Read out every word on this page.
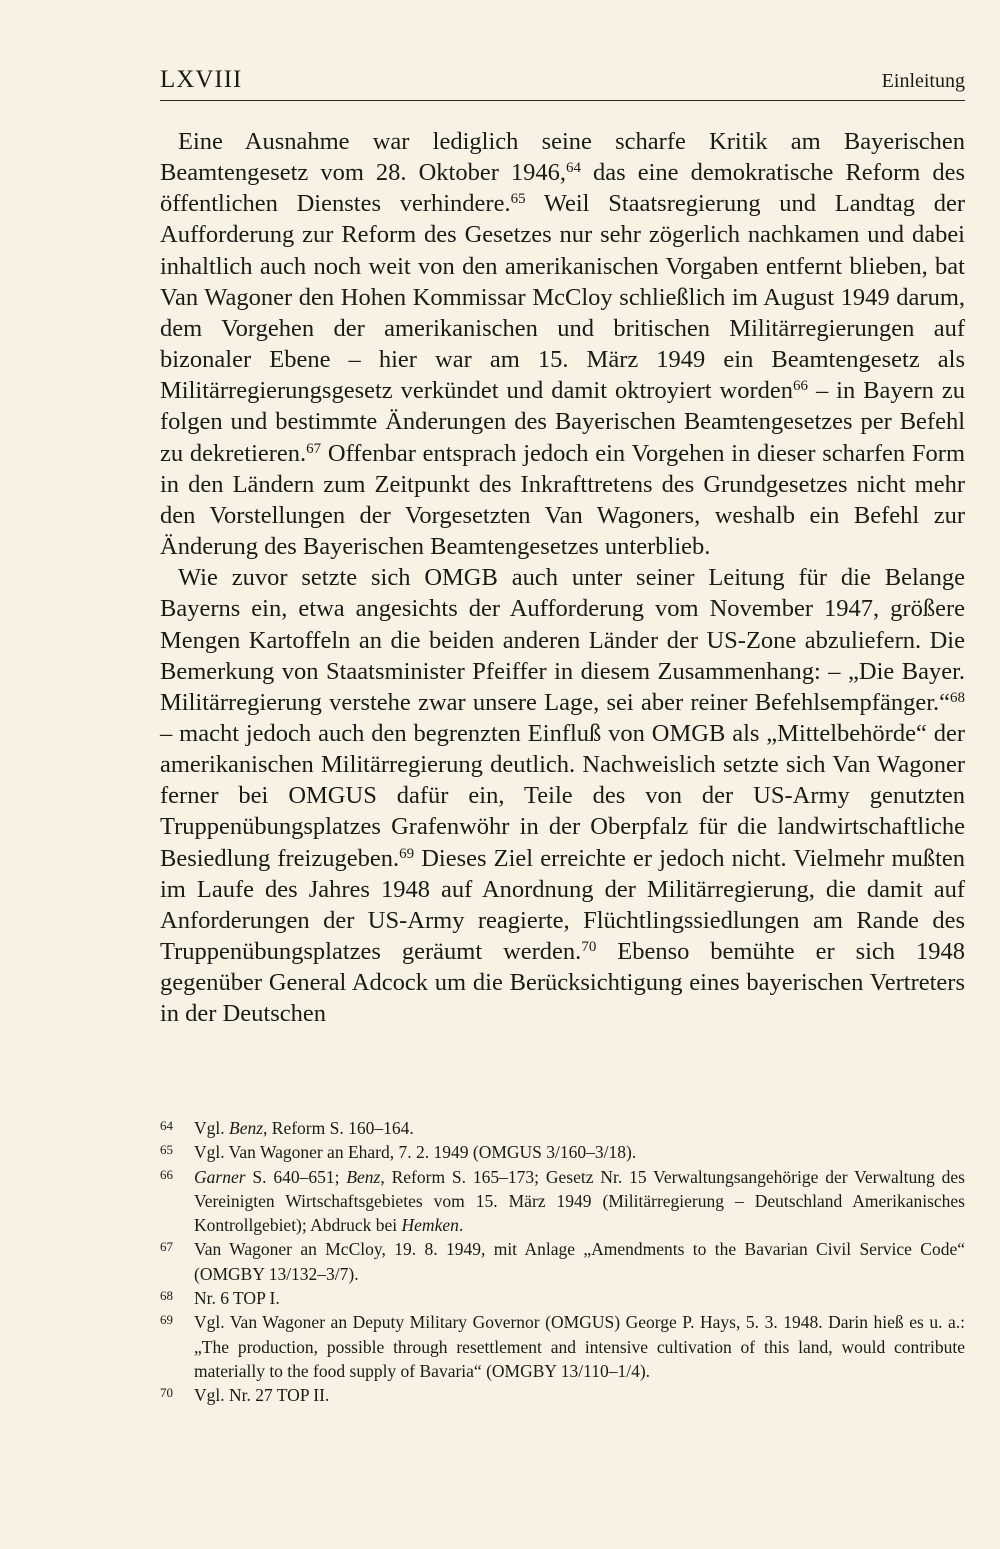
LXVIII	Einleitung

Eine Ausnahme war lediglich seine scharfe Kritik am Bayerischen Beamtengesetz vom 28. Oktober 1946,64 das eine demokratische Reform des öffentlichen Dienstes verhindere.$^{65}$ Weil Staatsregierung und Landtag der Aufforderung zur Reform des Gesetzes nur sehr zögerlich nachkamen und dabei inhaltlich auch noch weit von den amerikanischen Vorgaben entfernt blieben, bat Van Wagoner den Hohen Kommissar McCloy schließlich im August 1949 darum, dem Vorgehen der amerikanischen und britischen Militärregierungen auf bizonaler Ebene – hier war am 15. März 1949 ein Beamtengesetz als Militärregierungsgesetz verkündet und damit oktroyiert worden$^{66}$ – in Bayern zu folgen und bestimmte Änderungen des Bayerischen Beamtengesetzes per Befehl zu dekretieren.$^{67}$ Offenbar entsprach jedoch ein Vorgehen in dieser scharfen Form in den Ländern zum Zeitpunkt des Inkrafttretens des Grundgesetzes nicht mehr den Vorstellungen der Vorgesetzten Van Wagoners, weshalb ein Befehl zur Änderung des Bayerischen Beamtengesetzes unterblieb.

Wie zuvor setzte sich OMGB auch unter seiner Leitung für die Belange Bayerns ein, etwa angesichts der Aufforderung vom November 1947, größere Mengen Kartoffeln an die beiden anderen Länder der US-Zone abzuliefern. Die Bemerkung von Staatsminister Pfeiffer in diesem Zusammenhang: – „Die Bayer. Militärregierung verstehe zwar unsere Lage, sei aber reiner Befehlsempfänger.“$^{68}$ – macht jedoch auch den begrenzten Einfluß von OMGB als „Mittelbehörde“ der amerikanischen Militärregierung deutlich. Nachweislich setzte sich Van Wagoner ferner bei OMGUS dafür ein, Teile des von der US-Army genutzten Truppenübungsplatzes Grafenwöhr in der Oberpfalz für die landwirtschaftliche Besiedlung freizugeben.$^{69}$ Dieses Ziel erreichte er jedoch nicht. Vielmehr mußten im Laufe des Jahres 1948 auf Anordnung der Militärregierung, die damit auf Anforderungen der US-Army reagierte, Flüchtlingssiedlungen am Rande des Truppenübungsplatzes geräumt werden.$^{70}$ Ebenso bemühte er sich 1948 gegenüber General Adcock um die Berücksichtigung eines bayerischen Vertreters in der Deutschen

64 Vgl. Benz, Reform S. 160–164.
65 Vgl. Van Wagoner an Ehard, 7. 2. 1949 (OMGUS 3/160–3/18).
66 Garner S. 640–651; Benz, Reform S. 165–173; Gesetz Nr. 15 Verwaltungsangehörige der Verwaltung des Vereinigten Wirtschaftsgebietes vom 15. März 1949 (Militärregierung – Deutschland Amerikanisches Kontrollgebiet); Abdruck bei Hemken.
67 Van Wagoner an McCloy, 19. 8. 1949, mit Anlage „Amendments to the Bavarian Civil Service Code“ (OMGBY 13/132–3/7).
68 Nr. 6 TOP I.
69 Vgl. Van Wagoner an Deputy Military Governor (OMGUS) George P. Hays, 5. 3. 1948. Darin hieß es u. a.: „The production, possible through resettlement and intensive cultivation of this land, would contribute materially to the food supply of Bavaria“ (OMGBY 13/110–1/4).
70 Vgl. Nr. 27 TOP II.
